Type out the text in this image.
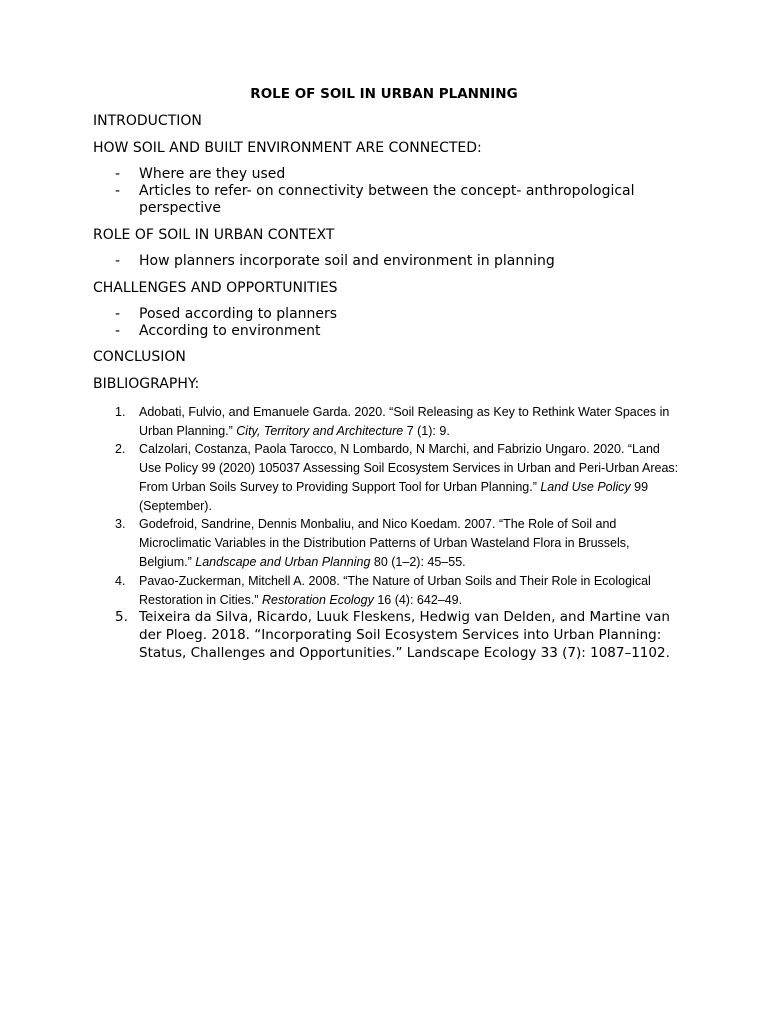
ROLE OF SOIL IN URBAN PLANNING
INTRODUCTION
HOW SOIL AND BUILT ENVIRONMENT ARE CONNECTED:
- Where are they used
- Articles to refer- on connectivity between the concept- anthropological perspective
ROLE OF SOIL IN URBAN CONTEXT
- How planners incorporate soil and environment in planning
CHALLENGES AND OPPORTUNITIES
- Posed according to planners
- According to environment
CONCLUSION
BIBLIOGRAPHY:
1. Adobati, Fulvio, and Emanuele Garda. 2020. “Soil Releasing as Key to Rethink Water Spaces in Urban Planning.” City, Territory and Architecture 7 (1): 9.
2. Calzolari, Costanza, Paola Tarocco, N Lombardo, N Marchi, and Fabrizio Ungaro. 2020. “Land Use Policy 99 (2020) 105037 Assessing Soil Ecosystem Services in Urban and Peri-Urban Areas: From Urban Soils Survey to Providing Support Tool for Urban Planning.” Land Use Policy 99 (September).
3. Godefroid, Sandrine, Dennis Monbaliu, and Nico Koedam. 2007. “The Role of Soil and Microclimatic Variables in the Distribution Patterns of Urban Wasteland Flora in Brussels, Belgium.” Landscape and Urban Planning 80 (1–2): 45–55.
4. Pavao-Zuckerman, Mitchell A. 2008. “The Nature of Urban Soils and Their Role in Ecological Restoration in Cities.” Restoration Ecology 16 (4): 642–49.
5. Teixeira da Silva, Ricardo, Luuk Fleskens, Hedwig van Delden, and Martine van der Ploeg. 2018. “Incorporating Soil Ecosystem Services into Urban Planning: Status, Challenges and Opportunities.” Landscape Ecology 33 (7): 1087–1102.
